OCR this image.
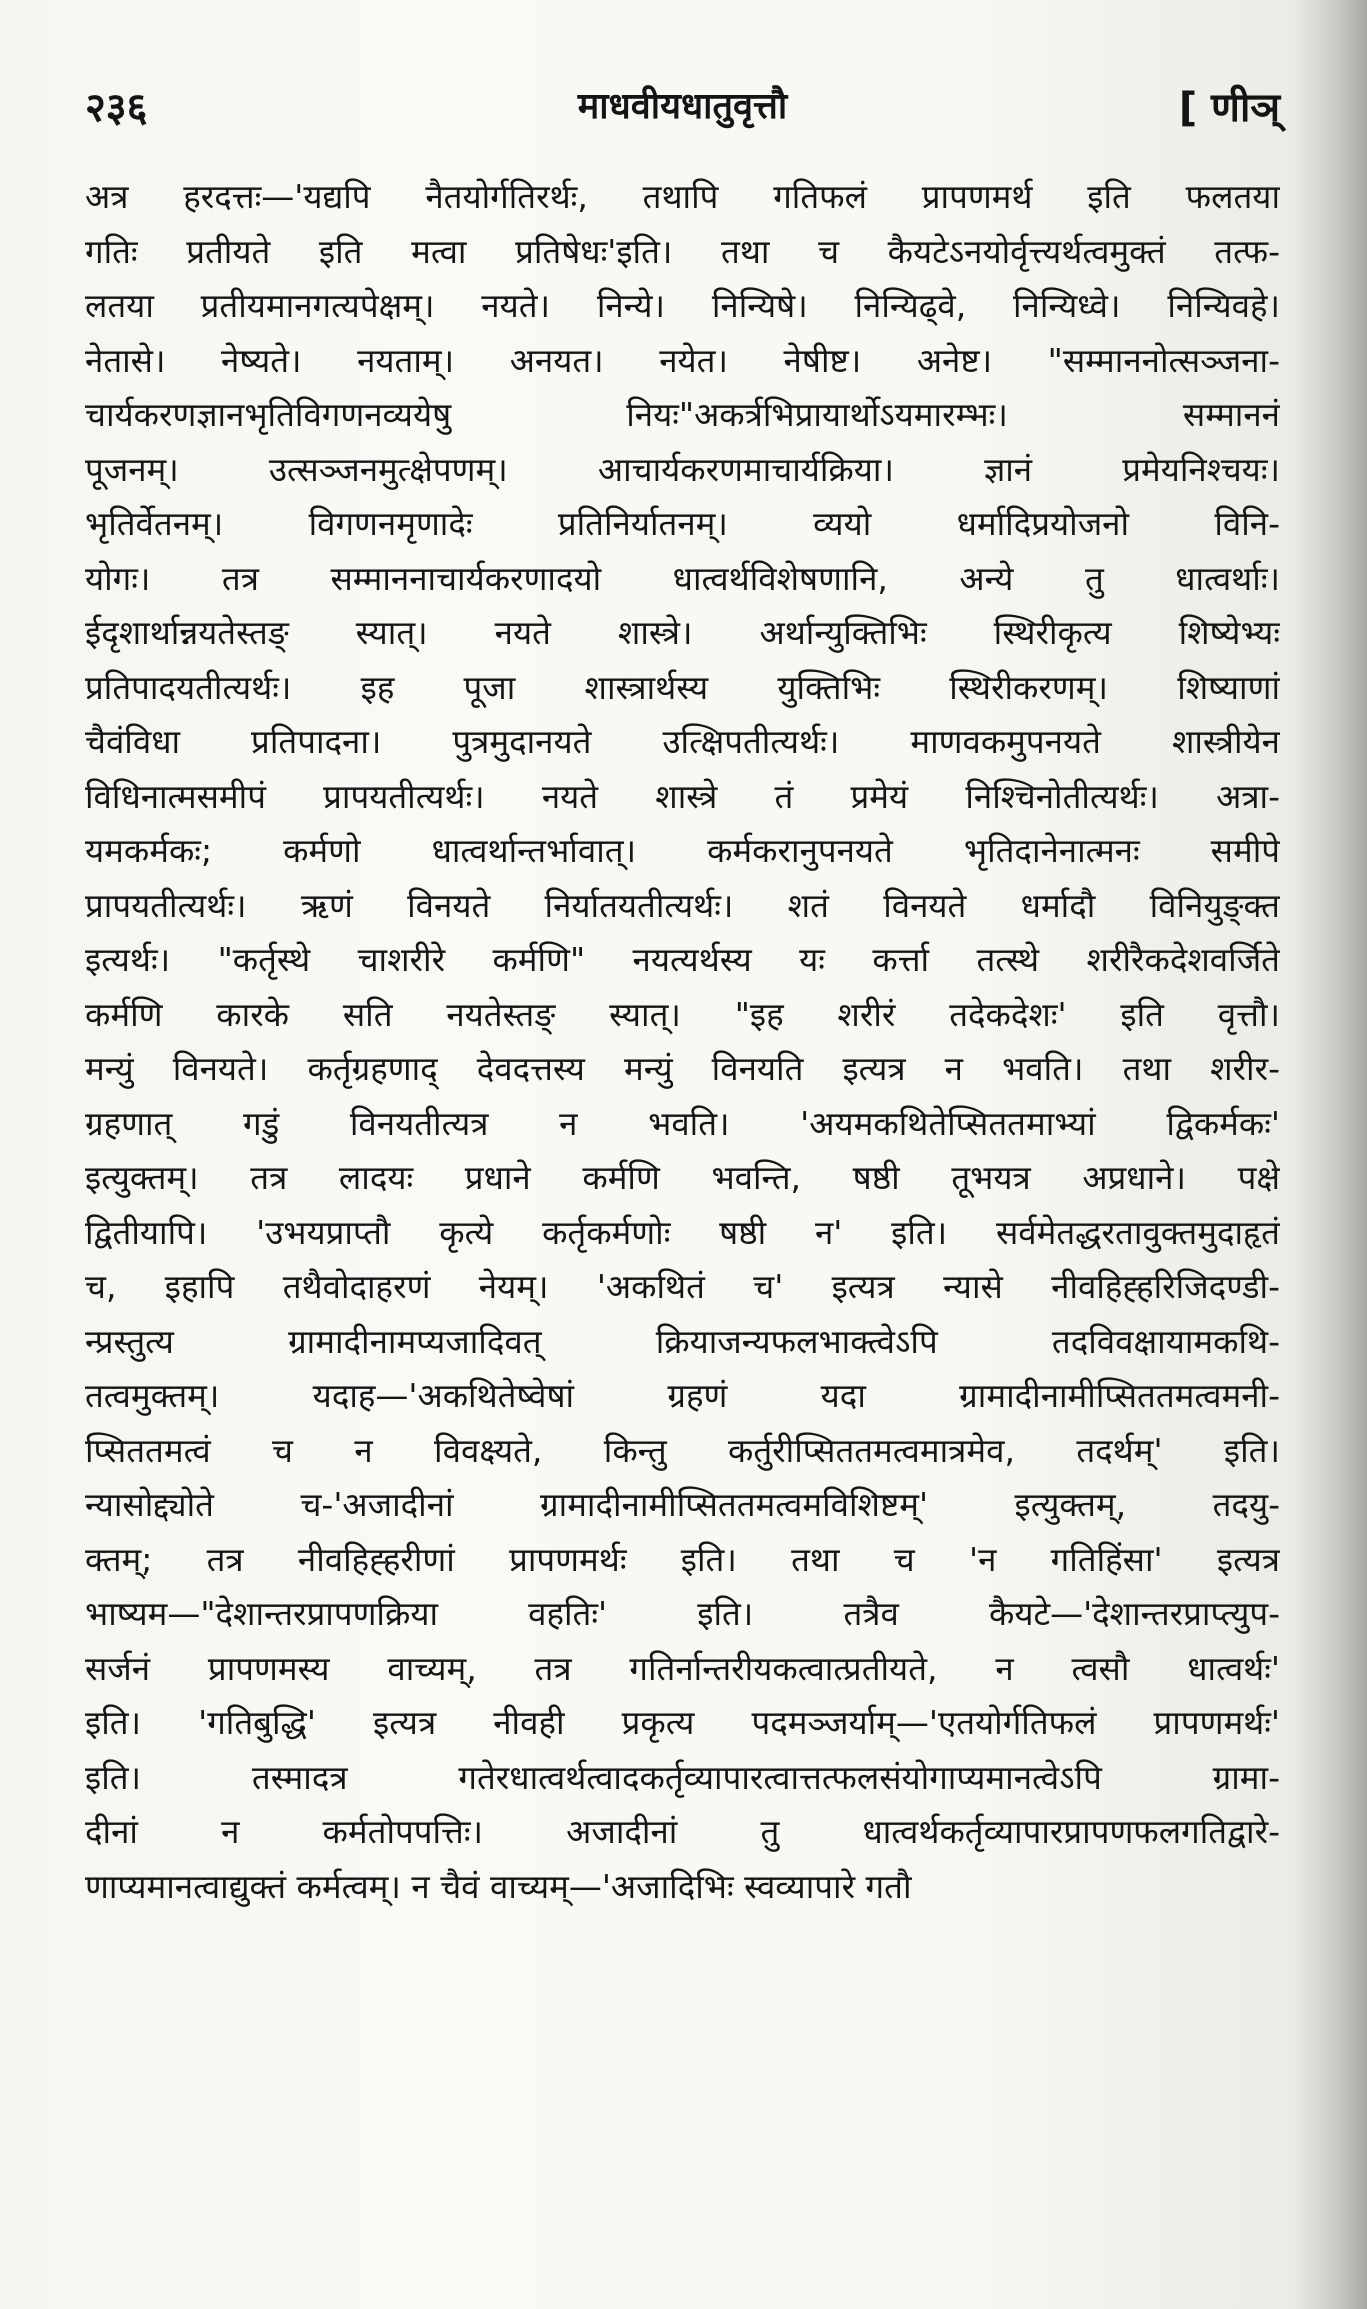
२३६	माधवीयधातुवृत्तौ	[ णीञ्
अत्र हरदत्तः—'यद्यपि नैतयोर्गतिरर्थः, तथापि गतिफलं प्रापणमर्थ इति फलतया
गतिः प्रतीयते इति मत्वा प्रतिषेधः'इति। तथा च कैयटेऽनयोर्वृत्त्यर्थत्वमुक्तं तत्फ-
लतया प्रतीयमानगत्यपेक्षम्। नयते। निन्ये। निन्यिषे। निन्यिढ्वे, निन्यिध्वे। निन्यिवहे।
नेतासे। नेष्यते। नयताम्। अनयत। नयेत। नेषीष्ट। अनेष्ट। "सम्माननोत्सञ्जना-
चार्यकरणज्ञानभृतिविगणनव्ययेषु नियः"अकर्त्रभिप्रायार्थोऽयमारम्भः। सम्माननं
पूजनम्। उत्सञ्जनमुत्क्षेपणम्। आचार्यकरणमाचार्यक्रिया। ज्ञानं प्रमेयनिश्चयः।
भृतिर्वेतनम्। विगणनमृणादेः प्रतिनिर्यातनम्। व्ययो धर्मादिप्रयोजनो विनि-
योगः। तत्र सम्माननाचार्यकरणादयो धात्वर्थविशेषणानि, अन्ये तु धात्वर्थाः।
ईदृशार्थान्नयतेस्तङ् स्यात्। नयते शास्त्रे। अर्थान्युक्तिभिः स्थिरीकृत्य शिष्येभ्यः
प्रतिपादयतीत्यर्थः। इह पूजा शास्त्रार्थस्य युक्तिभिः स्थिरीकरणम्। शिष्याणां
चैवंविधा प्रतिपादना। पुत्रमुदानयते उत्क्षिपतीत्यर्थः। माणवकमुपनयते शास्त्रीयेन
विधिनात्मसमीपं प्रापयतीत्यर्थः। नयते शास्त्रे तं प्रमेयं निश्चिनोतीत्यर्थः। अत्रा-
यमकर्मकः; कर्मणो धात्वर्थान्तर्भावात्। कर्मकरानुपनयते भृतिदानेनात्मनः समीपे
प्रापयतीत्यर्थः। ऋणं विनयते निर्यातयतीत्यर्थः। शतं विनयते धर्मादौ विनियुङ्क्त
इत्यर्थः। "कर्तृस्थे चाशरीरे कर्मणि" नयत्यर्थस्य यः कर्त्ता तत्स्थे शरीरैकदेशवर्जिते
कर्मणि कारके सति नयतेस्तङ् स्यात्। "इह शरीरं तदेकदेशः' इति वृत्तौ।
मन्युं विनयते। कर्तृग्रहणाद् देवदत्तस्य मन्युं विनयति इत्यत्र न भवति। तथा शरीर-
ग्रहणात् गडुं विनयतीत्यत्र न भवति। 'अयमकथितेप्सिततमाभ्यां द्विकर्मकः'
इत्युक्तम्। तत्र लादयः प्रधाने कर्मणि भवन्ति, षष्ठी तूभयत्र अप्रधाने। पक्षे
द्वितीयापि। 'उभयप्राप्तौ कृत्ये कर्तृकर्मणोः षष्ठी न' इति। सर्वमेतद्धरतावुक्तमुदाहृतं
च, इहापि तथैवोदाहरणं नेयम्। 'अकथितं च' इत्यत्र न्यासे नीवहिह्हरिजिदण्डी-
न्प्रस्तुत्य ग्रामादीनामप्यजादिवत् क्रियाजन्यफलभाक्त्वेऽपि तदविवक्षायामकथि-
तत्वमुक्तम्। यदाह—'अकथितेष्वेषां ग्रहणं यदा ग्रामादीनामीप्सिततमत्वमनी-
प्सिततमत्वं च न विवक्ष्यते, किन्तु कर्तुरीप्सिततमत्वमात्रमेव, तदर्थम्' इति।
न्यासोद्द्योते च-'अजादीनां ग्रामादीनामीप्सिततमत्वमविशिष्टम्' इत्युक्तम्, तदयु-
क्तम्; तत्र नीवहिह्हरीणां प्रापणमर्थः इति। तथा च 'न गतिहिंसा' इत्यत्र
भाष्यम—"देशान्तरप्रापणक्रिया वहतिः' इति। तत्रैव कैयटे—'देशान्तरप्राप्त्युप-
सर्जनं प्रापणमस्य वाच्यम्, तत्र गतिर्नान्तरीयकत्वात्प्रतीयते, न त्वसौ धात्वर्थः'
इति। 'गतिबुद्धि' इत्यत्र नीवही प्रकृत्य पदमञ्जर्याम्—'एतयोर्गतिफलं प्रापणमर्थः'
इति। तस्मादत्र गतेरधात्वर्थत्वादकर्तृव्यापारत्वात्तत्फलसंयोगाप्यमानत्वेऽपि ग्रामा-
दीनां न कर्मतोपपत्तिः। अजादीनां तु धात्वर्थकर्तृव्यापारप्रापणफलगतिद्वारे-
णाप्यमानत्वाद्युक्तं कर्मत्वम्। न चैवं वाच्यम्—'अजादिभिः स्वव्यापारे गतौ
